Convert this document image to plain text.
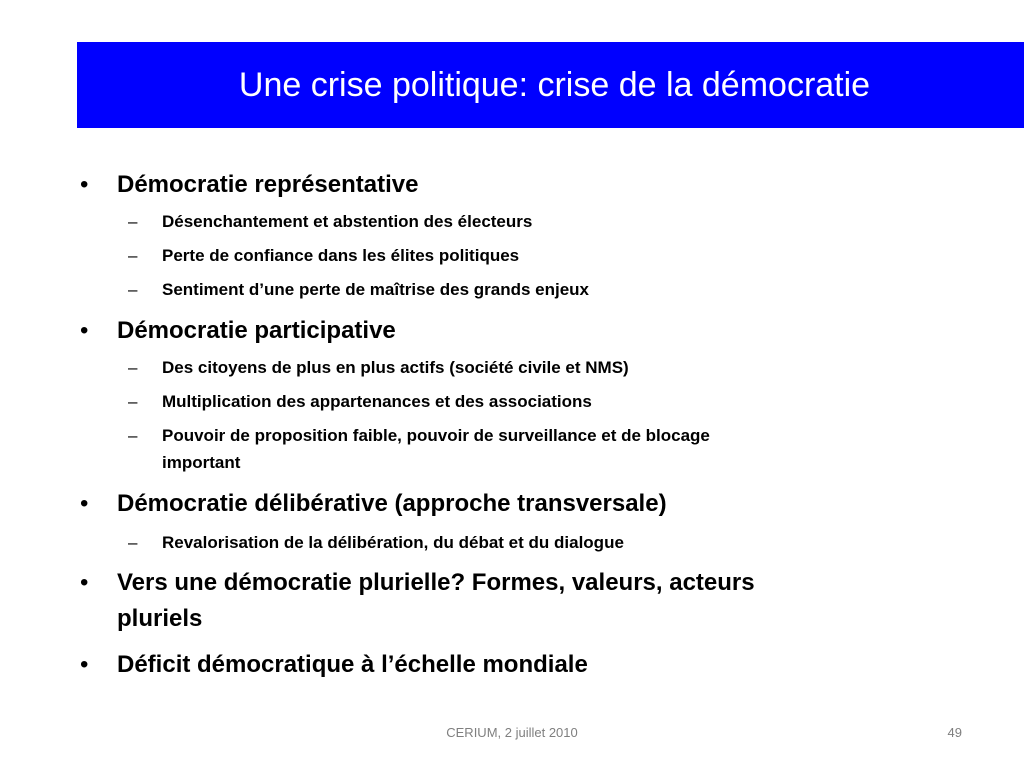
Une crise politique: crise de la démocratie
• Démocratie représentative
– Désenchantement et abstention des électeurs
– Perte de confiance dans les élites politiques
– Sentiment d’une perte de maîtrise des grands enjeux
• Démocratie participative
– Des citoyens de plus en plus actifs (société civile et NMS)
– Multiplication des appartenances et des associations
– Pouvoir de proposition faible, pouvoir de surveillance et de blocage
important
• Démocratie délibérative (approche transversale)
– Revalorisation de la délibération, du débat et du dialogue
• Vers une démocratie plurielle? Formes, valeurs, acteurs
pluriels
• Déficit démocratique à l’échelle mondiale
CERIUM, 2 juillet 2010	49
